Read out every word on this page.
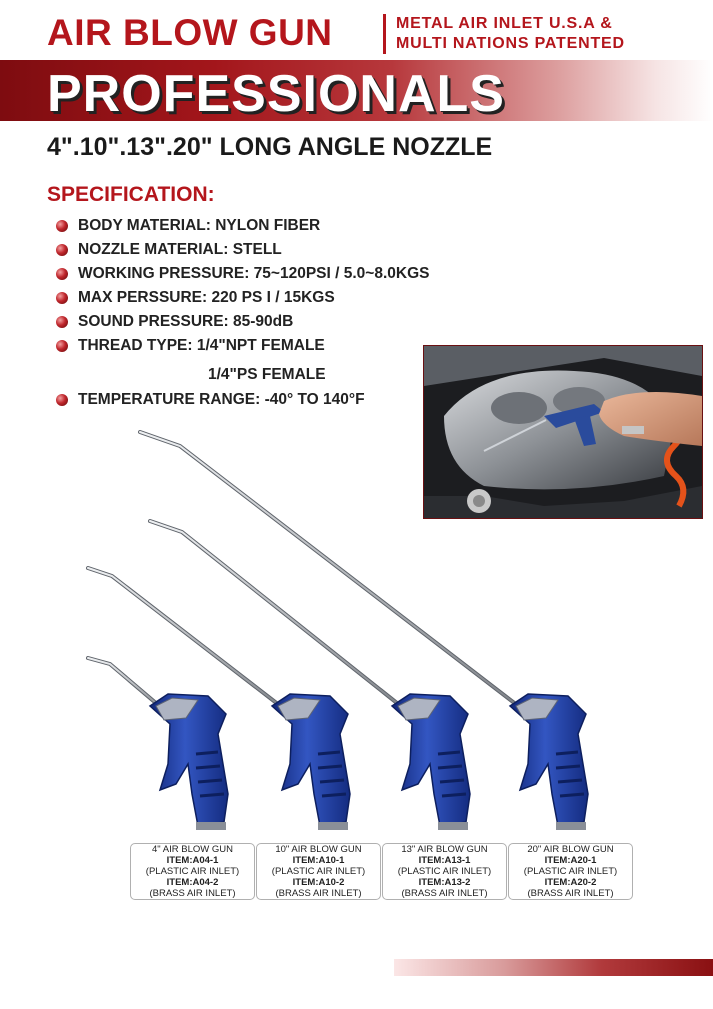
AIR BLOW GUN	METAL AIR INLET U.S.A &
MULTI NATIONS PATENTED
PROFESSIONALS
4".10".13".20" LONG ANGLE NOZZLE
SPECIFICATION:
BODY MATERIAL: NYLON FIBER
NOZZLE MATERIAL: STELL
WORKING PRESSURE: 75~120PSI / 5.0~8.0KGS
MAX PERSSURE: 220 PS I / 15KGS
SOUND PRESSURE: 85-90dB
THREAD TYPE: 1/4"NPT FEMALE
1/4"PS FEMALE
TEMPERATURE RANGE: -40° TO 140°F
4" AIR BLOW GUN
ITEM:A04-1
(PLASTIC AIR INLET)
ITEM:A04-2
(BRASS AIR INLET)
10" AIR BLOW GUN
ITEM:A10-1
(PLASTIC AIR INLET)
ITEM:A10-2
(BRASS AIR INLET)
13" AIR BLOW GUN
ITEM:A13-1
(PLASTIC AIR INLET)
ITEM:A13-2
(BRASS AIR INLET)
20" AIR BLOW GUN
ITEM:A20-1
(PLASTIC AIR INLET)
ITEM:A20-2
(BRASS AIR INLET)
